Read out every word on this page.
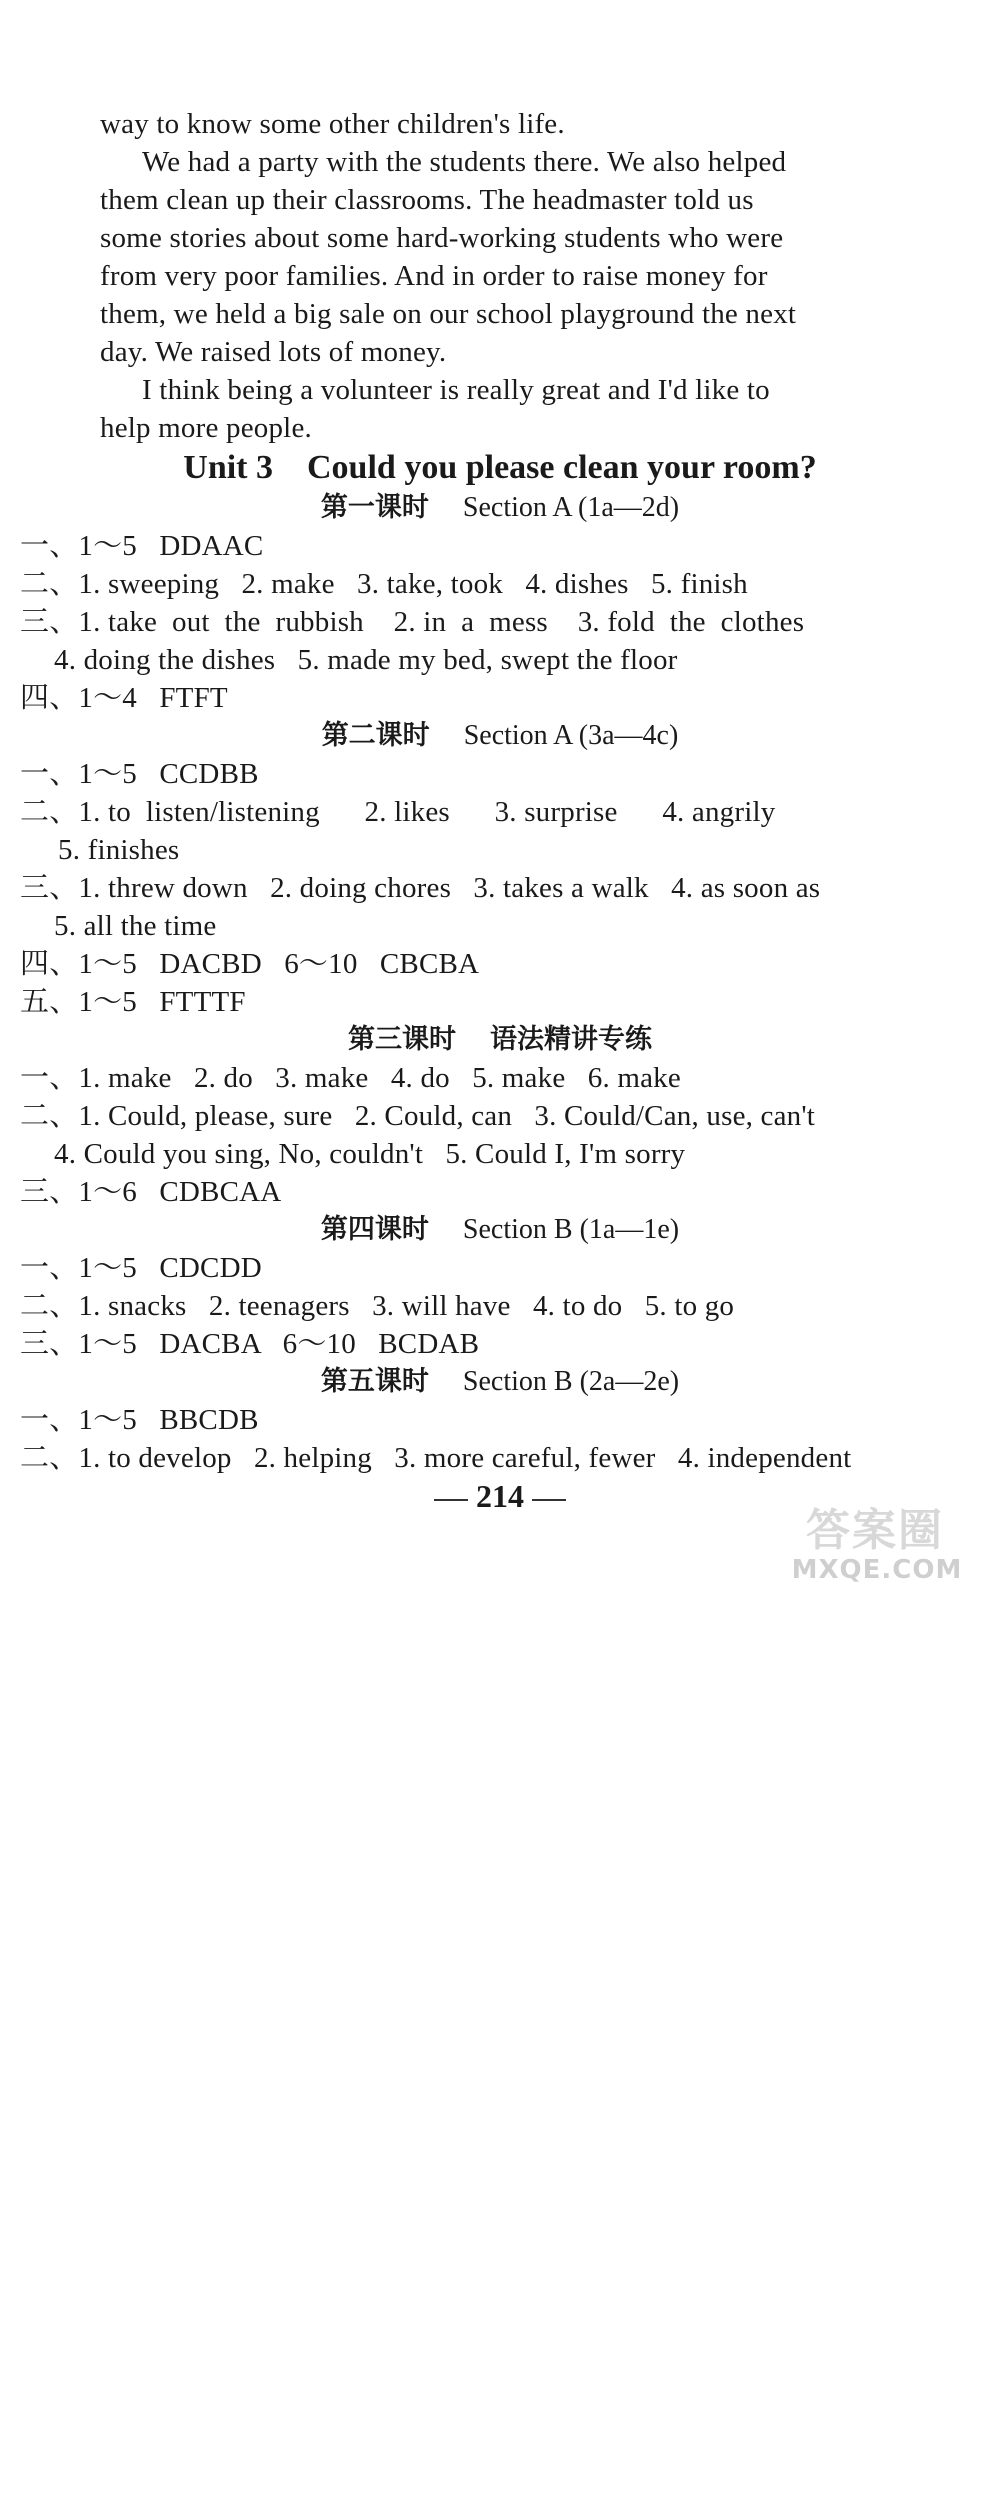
way to know some other children's life.
We had a party with the students there. We also helped
them clean up their classrooms. The headmaster told us
some stories about some hard-working students who were
from very poor families. And in order to raise money for
them, we held a big sale on our school playground the next
day. We raised lots of money.
I think being a volunteer is really great and I'd like to
help more people.
Unit 3    Could you please clean your room?
第一课时 Section A (1a—2d)
一、1～5   DDAAC
二、1. sweeping   2. make   3. take, took   4. dishes   5. finish
三、1. take  out  the  rubbish    2. in  a  mess    3. fold  the  clothes
4. doing the dishes   5. made my bed, swept the floor
四、1～4   FTFT
第二课时 Section A (3a—4c)
一、1～5   CCDBB
二、1. to  listen/listening      2. likes      3. surprise      4. angrily
5. finishes
三、1. threw down   2. doing chores   3. takes a walk   4. as soon as
5. all the time
四、1～5   DACBD   6～10   CBCBA
五、1～5   FTTTF
第三课时 语法精讲专练
一、1. make   2. do   3. make   4. do   5. make   6. make
二、1. Could, please, sure   2. Could, can   3. Could/Can, use, can't
4. Could you sing, No, couldn't   5. Could I, I'm sorry
三、1～6   CDBCAA
第四课时 Section B (1a—1e)
一、1～5   CDCDD
二、1. snacks   2. teenagers   3. will have   4. to do   5. to go
三、1～5   DACBA   6～10   BCDAB
第五课时 Section B (2a—2e)
一、1～5   BBCDB
二、1. to develop   2. helping   3. more careful, fewer   4. independent
214
答案圈
MXQE.COM
